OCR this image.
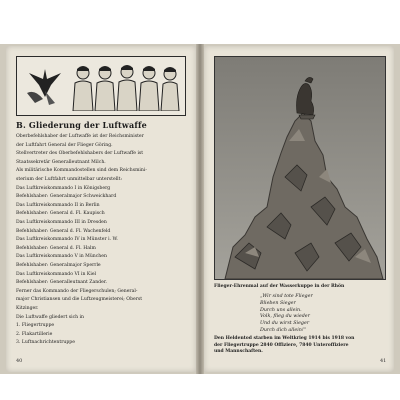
B. Gliederung der Luftwaffe
Oberbefehlshaber der Luftwaffe ist der Reichsminister
der Luftfahrt General der Flieger Göring.
Stellvertreter des Oberbefehlshabers der Luftwaffe ist
Staatssekretär Generalleutnant Milch.
Als militärische Kommandostellen sind dem Reichsmini-
sterium der Luftfahrt unmittelbar unterstellt:
Das Luftkreiskommando I in Königsberg
Befehlshaber: Generalmajor Schweickhard
Das Luftkreiskommando II in Berlin
Befehlshaber: General d. Fl. Kaupisch
Das Luftkreiskommando III in Dresden
Befehlshaber: General d. Fl. Wachenfeld
Das Luftkreiskommando IV in Münster i. W.
Befehlshaber: General d. Fl. Halm
Das Luftkreiskommando V in München
Befehlshaber: Generalmajor Sperrle
Das Luftkreiskommando VI in Kiel
Befehlshaber: Generalleutnant Zander.
Ferner das Kommando der Fliegerschulen; General-
major Christiansen und die Luftzeugmeisterei; Oberst
Kitzinger.
Die Luftwaffe gliedert sich in
1. Fliegertruppe
2. Flakartillerie
3. Luftnachrichtentruppe
40
Flieger-Ehrenmal auf der Wasserkuppe in der Rhön
„Wir sind tote Flieger
Blieben Sieger
Durch uns allein.
Volk, flieg du wieder
Und du wirst Sieger
Durch dich allein!“
Den Heldentod starben im Weltkrieg 1914 bis 1918 von
der Fliegertruppe 2840 Offiziere, 7840 Unteroffiziere
und Mannschaften.
41
